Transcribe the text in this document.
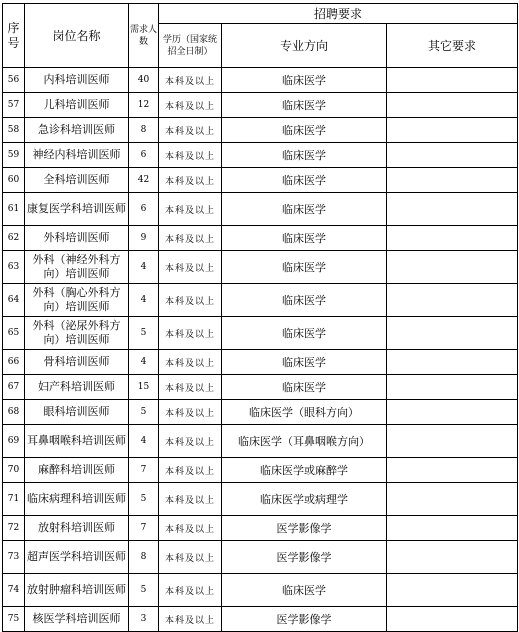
序号	岗位名称	需求人数	招聘要求		
			学历（国家统招全日制）	专业方向	其它要求
56	内科培训医师	40	本科及以上	临床医学	
57	儿科培训医师	12	本科及以上	临床医学	
58	急诊科培训医师	8	本科及以上	临床医学	
59	神经内科培训医师	6	本科及以上	临床医学	
60	全科培训医师	42	本科及以上	临床医学	
61	康复医学科培训医师	6	本科及以上	临床医学	
62	外科培训医师	9	本科及以上	临床医学	
63	外科（神经外科方向）培训医师	4	本科及以上	临床医学	
64	外科（胸心外科方向）培训医师	4	本科及以上	临床医学	
65	外科（泌尿外科方向）培训医师	5	本科及以上	临床医学	
66	骨科培训医师	4	本科及以上	临床医学	
67	妇产科培训医师	15	本科及以上	临床医学	
68	眼科培训医师	5	本科及以上	临床医学（眼科方向）	
69	耳鼻咽喉科培训医师	4	本科及以上	临床医学（耳鼻咽喉方向）	
70	麻醉科培训医师	7	本科及以上	临床医学或麻醉学	
71	临床病理科培训医师	5	本科及以上	临床医学或病理学	
72	放射科培训医师	7	本科及以上	医学影像学	
73	超声医学科培训医师	8	本科及以上	医学影像学	
74	放射肿瘤科培训医师	5	本科及以上	临床医学	
75	核医学科培训医师	3	本科及以上	医学影像学	
